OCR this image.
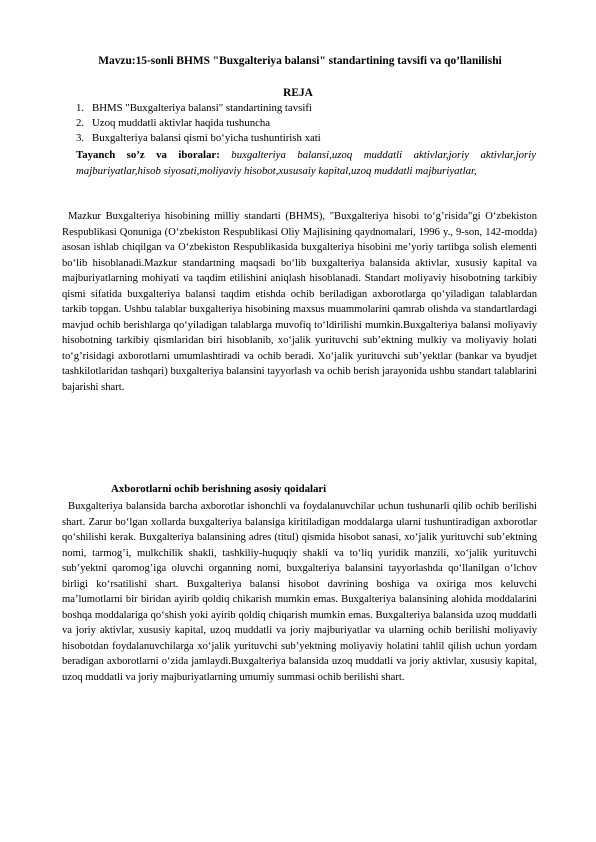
Mavzu:15-sonli BHMS "Buxgalteriya balansi" standartining tavsifi va qo’llanilishi
REJA
1. BHMS "Buxgalteriya balansi" standartining tavsifi
2. Uzoq muddatli aktivlar haqida tushuncha
3. Buxgalteriya balansi qismi bo‘yicha tushuntirish xati
Tayanch so’z va iboralar: buxgalteriya balansi,uzoq muddatli aktivlar,joriy aktivlar,joriy majburiyatlar,hisob siyosati,moliyaviy hisobot,xususaiy kapital,uzoq muddatli majburiyatlar,
Mazkur Buxgalteriya hisobining milliy standarti (BHMS), "Buxgalteriya hisobi to‘g’risida"gi O‘zbekiston Respublikasi Qonuniga (O‘zbekiston Respublikasi Oliy Majlisining qaydnomalari, 1996 y., 9-son, 142-modda) asosan ishlab chiqilgan va O‘zbekiston Respublikasida buxgalteriya hisobini me’yoriy tartibga solish elementi bo‘lib hisoblanadi.Mazkur standartning maqsadi bo‘lib buxgalteriya balansida aktivlar, xususiy kapital va majburiyatlarning mohiyati va taqdim etilishini aniqlash hisoblanadi. Standart moliyaviy hisobotning tarkibiy qismi sifatida buxgalteriya balansi taqdim etishda ochib beriladigan axborotlarga qo‘yiladigan talablardan tarkib topgan. Ushbu talablar buxgalteriya hisobining maxsus muammolarini qamrab olishda va standartlardagi mavjud ochib berishlarga qo‘yiladigan talablarga muvofiq to‘ldirilishi mumkin.Buxgalteriya balansi moliyaviy hisobotning tarkibiy qismlaridan biri hisoblanib, xo‘jalik yurituvchi sub’ektning mulkiy va moliyaviy holati to‘g’risidagi axborotlarni umumlashtiradi va ochib beradi. Xo‘jalik yurituvchi sub’yektlar (bankar va byudjet tashkilotlaridan tashqari) buxgalteriya balansini tayyorlash va ochib berish jarayonida ushbu standart talablarini bajarishi shart.
Axborotlarni ochib berishning asosiy qoidalari
Buxgalteriya balansida barcha axborotlar ishonchli va foydalanuvchilar uchun tushunarli qilib ochib berilishi shart. Zarur bo‘lgan xollarda buxgalteriya balansiga kiritiladigan moddalarga ularni tushuntiradigan axborotlar qo‘shilishi kerak. Buxgalteriya balansining adres (titul) qismida hisobot sanasi, xo‘jalik yurituvchi sub’ektning nomi, tarmog’i, mulkchilik shakli, tashkiliy-huquqiy shakli va to‘liq yuridik manzili, xo‘jalik yurituvchi sub’yektni qaromog’iga oluvchi organning nomi, buxgalteriya balansini tayyorlashda qo‘llanilgan o‘lchov birligi ko‘rsatilishi shart. Buxgalteriya balansi hisobot davrining boshiga va oxiriga mos keluvchi ma’lumotlarni bir biridan ayirib qoldiq chikarish mumkin emas. Buxgalteriya balansining alohida moddalarini boshqa moddalariga qo‘shish yoki ayirib qoldiq chiqarish mumkin emas. Buxgalteriya balansida uzoq muddatli va joriy aktivlar, xususiy kapital, uzoq muddatli va joriy majburiyatlar va ularning ochib berilishi moliyaviy hisobotdan foydalanuvchilarga xo‘jalik yurituvchi sub’yektning moliyaviy holatini tahlil qilish uchun yordam beradigan axborotlarni o‘zida jamlaydi.Buxgalteriya balansida uzoq muddatli va joriy aktivlar, xususiy kapital, uzoq muddatli va joriy majburiyatlarning umumiy summasi ochib berilishi shart.
